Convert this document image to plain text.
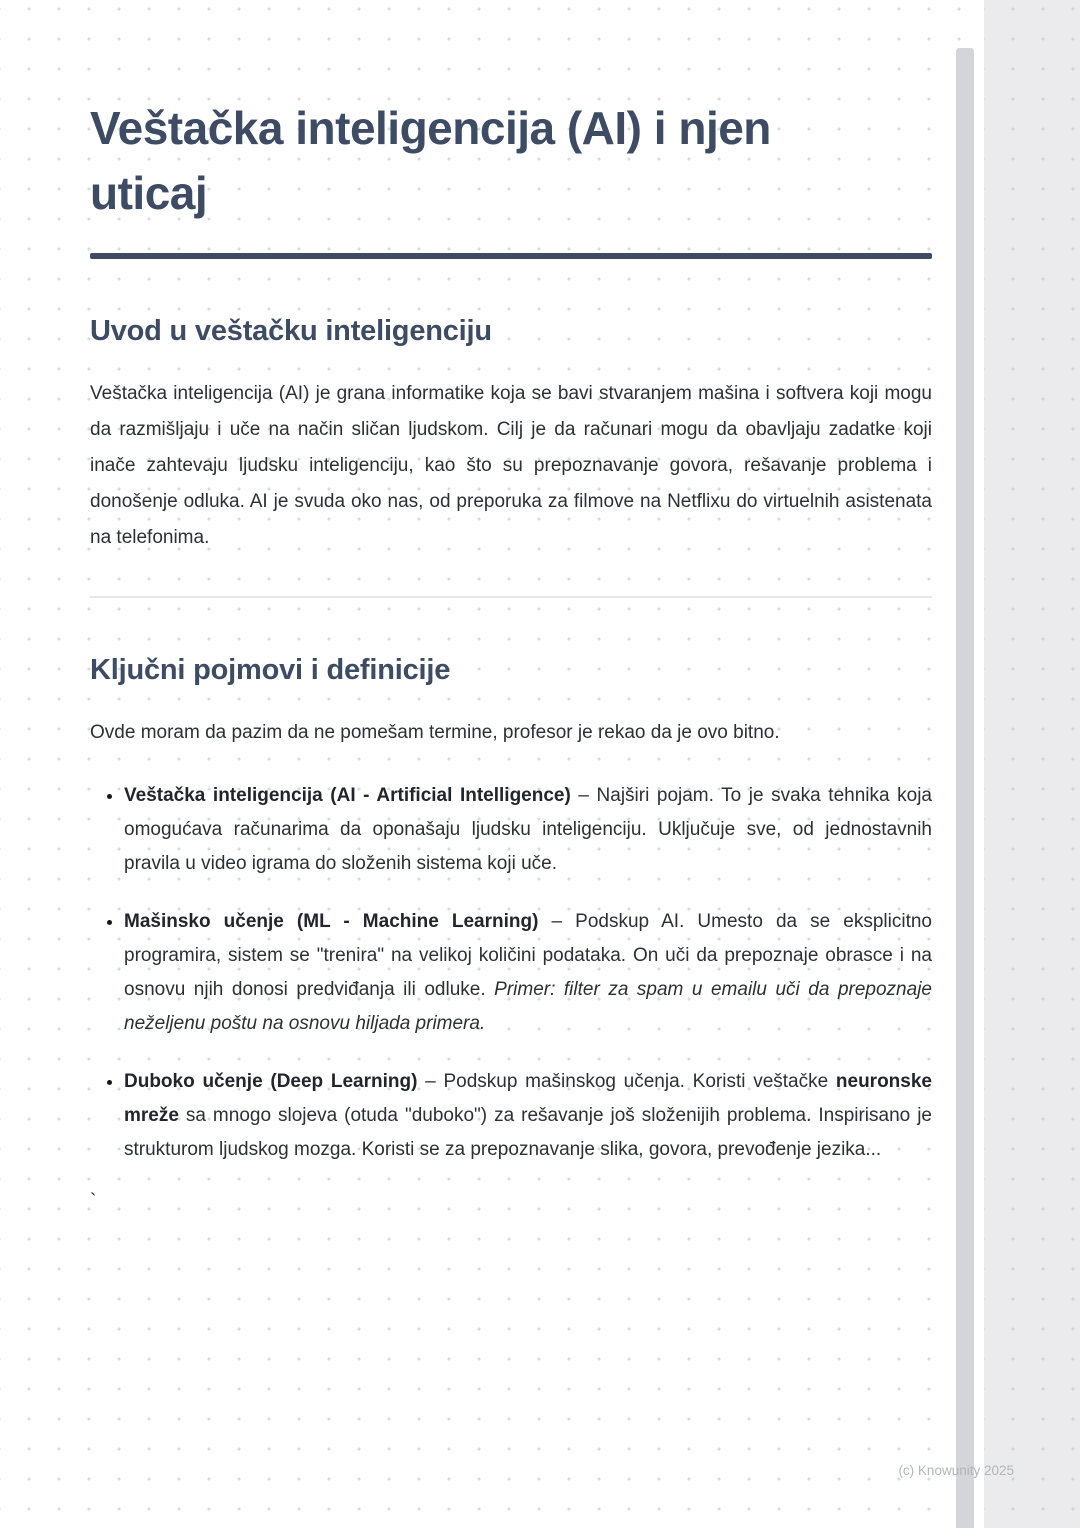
Veštačka inteligencija (AI) i njen uticaj
Uvod u veštačku inteligenciju

Veštačka inteligencija (AI) je grana informatike koja se bavi stvaranjem mašina i softvera koji mogu da razmišljaju i uče na način sličan ljudskom. Cilj je da računari mogu da obavljaju zadatke koji inače zahtevaju ljudsku inteligenciju, kao što su prepoznavanje govora, rešavanje problema i donošenje odluka. AI je svuda oko nas, od preporuka za filmove na Netflixu do virtuelnih asistenata na telefonima.

Ključni pojmovi i definicije

Ovde moram da pazim da ne pomešam termine, profesor je rekao da je ovo bitno.

• Veštačka inteligencija (AI - Artificial Intelligence) – Najširi pojam. To je svaka tehnika koja omogućava računarima da oponašaju ljudsku inteligenciju. Uključuje sve, od jednostavnih pravila u video igrama do složenih sistema koji uče.
• Mašinsko učenje (ML - Machine Learning) – Podskup AI. Umesto da se eksplicitno programira, sistem se "trenira" na velikoj količini podataka. On uči da prepoznaje obrasce i na osnovu njih donosi predviđanja ili odluke. Primer: filter za spam u emailu uči da prepoznaje neželjenu poštu na osnovu hiljada primera.
• Duboko učenje (Deep Learning) – Podskup mašinskog učenja. Koristi veštačke neuronske mreže sa mnogo slojeva (otuda "duboko") za rešavanje još složenijih problema. Inspirisano je strukturom ljudskog mozga. Koristi se za prepoznavanje slika, govora, prevođenje jezika...
`
(c) Knowunity 2025
